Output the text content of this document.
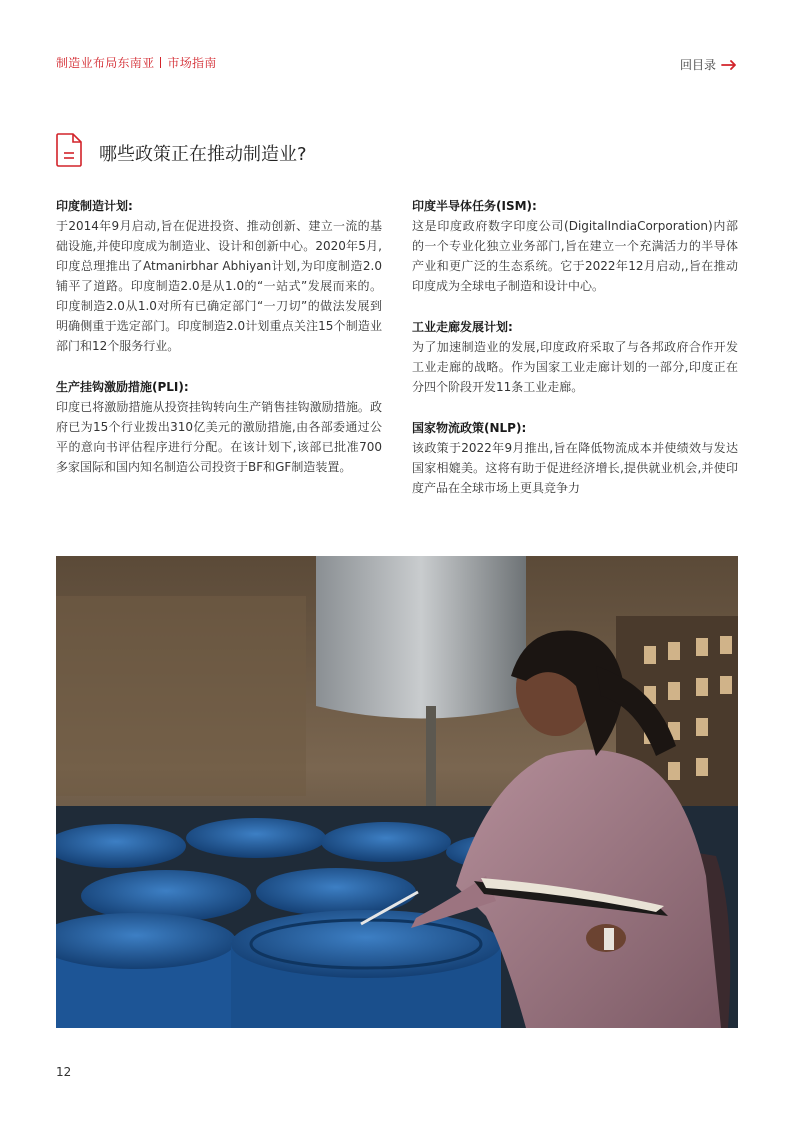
制造业布局东南亚 市场指南	回目录
哪些政策正在推动制造业?
印度制造计划:

于2014年9月启动,旨在促进投资、推动创新、建立一流的基础设施,并使印度成为制造业、设计和创新中心。2020年5月,印度总理推出了Atmanirbhar Abhiyan计划,为印度制造2.0铺平了道路。印度制造2.0是从1.0的“一站式”发展而来的。印度制造2.0从1.0对所有已确定部门“一刀切”的做法发展到明确侧重于选定部门。印度制造2.0计划重点关注15个制造业部门和12个服务行业。

生产挂钩激励措施(PLI):

印度已将激励措施从投资挂钩转向生产销售挂钩激励措施。政府已为15个行业拨出310亿美元的激励措施,由各部委通过公平的意向书评估程序进行分配。在该计划下,该部已批准700多家国际和国内知名制造公司投资于BF和GF制造装置。

印度半导体任务(ISM):

这是印度政府数字印度公司(DigitalIndiaCorporation)内部的一个专业化独立业务部门,旨在建立一个充满活力的半导体产业和更广泛的生态系统。它于2022年12月启动,,旨在推动印度成为全球电子制造和设计中心。

工业走廊发展计划:

为了加速制造业的发展,印度政府采取了与各邦政府合作开发工业走廊的战略。作为国家工业走廊计划的一部分,印度正在分四个阶段开发11条工业走廊。

国家物流政策(NLP):

该政策于2022年9月推出,旨在降低物流成本并使绩效与发达国家相媲美。这将有助于促进经济增长,提供就业机会,并使印度产品在全球市场上更具竞争力

12
